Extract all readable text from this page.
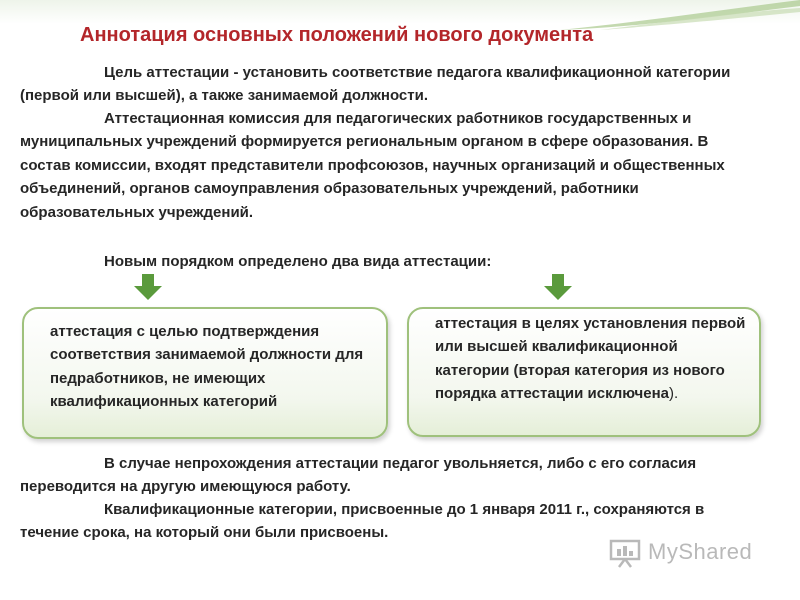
Аннотация основных положений нового документа

Цель аттестации - установить соответствие педагога квалификационной категории (первой или высшей), а также занимаемой должности.

Аттестационная комиссия для педагогических работников государственных и муниципальных учреждений формируется региональным органом в сфере образования. В состав комиссии, входят представители профсоюзов, научных организаций и общественных объединений, органов самоуправления образовательных учреждений, работники образовательных учреждений.

Новым порядком определено два вида аттестации:

аттестация с целью подтверждения соответствия занимаемой должности для педработников, не имеющих квалификационных категорий

аттестация в целях установления первой или высшей квалификационной категории (вторая категория из нового порядка аттестации исключена).

В случае непрохождения аттестации педагог увольняется, либо с его согласия переводится на другую имеющуюся работу.

Квалификационные категории, присвоенные до 1 января 2011 г., сохраняются в течение срока, на который они были присвоены.

MyShared
